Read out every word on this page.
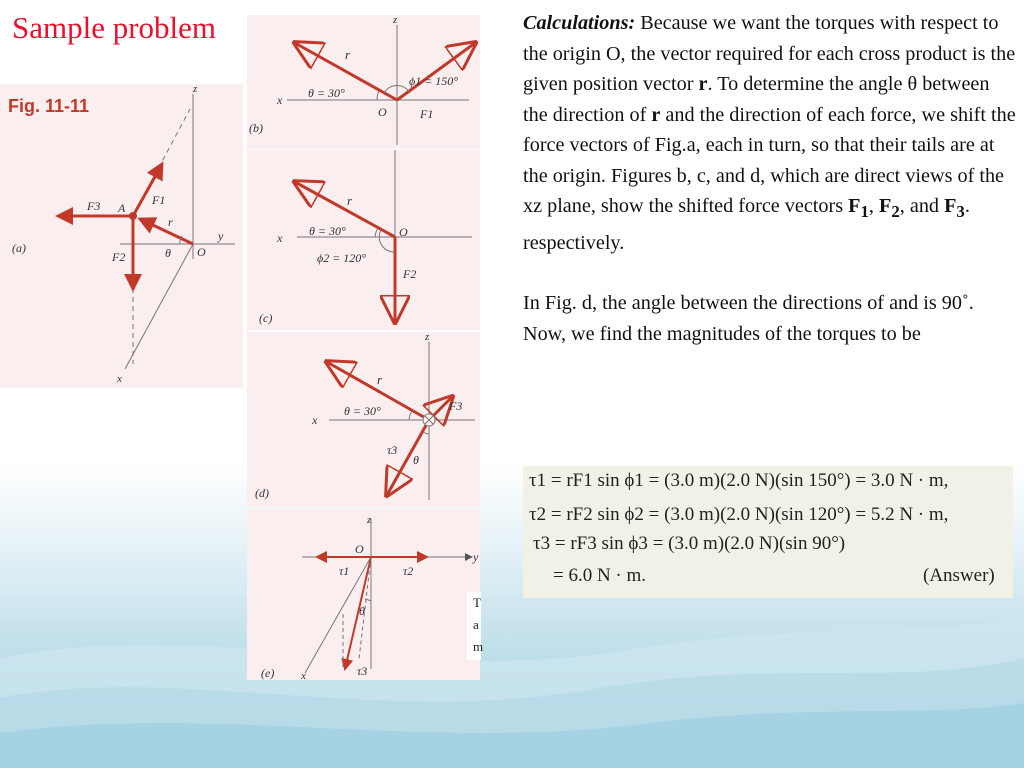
Sample problem
Fig. 11-11
(a)
A
O
z
y
x
F3	F1
F2
r
θ
z
x
r
θ = 30°
ϕ1 = 150°
O	F1
(b)
x
r
θ = 30°
ϕ2 = 120°
O
F2
(c)
z
x
r
θ = 30°	F3
τ3
θ
(d)
z
y
x
O
τ1	τ2
τ3
θ
(e)
T
a
m

Calculations: Because we want the torques with respect to the origin O, the vector required for each cross product is the given position vector r. To determine the angle θ between the direction of r and the direction of each force, we shift the force vectors of Fig.a, each in turn, so that their tails are at the origin. Figures b, c, and d, which are direct views of the xz plane, show the shifted force vectors $F_1$, $F_2$, and $F_3$. respectively.

In Fig. d, the angle between the directions of and is 90˚.

Now, we find the magnitudes of the torques to be

τ1 = rF1 sin ϕ1 = (3.0 m)(2.0 N)(sin 150°) = 3.0 N · m,
τ2 = rF2 sin ϕ2 = (3.0 m)(2.0 N)(sin 120°) = 5.2 N · m,
τ3 = rF3 sin ϕ3 = (3.0 m)(2.0 N)(sin 90°)
= 6.0 N · m.	(Answer)
